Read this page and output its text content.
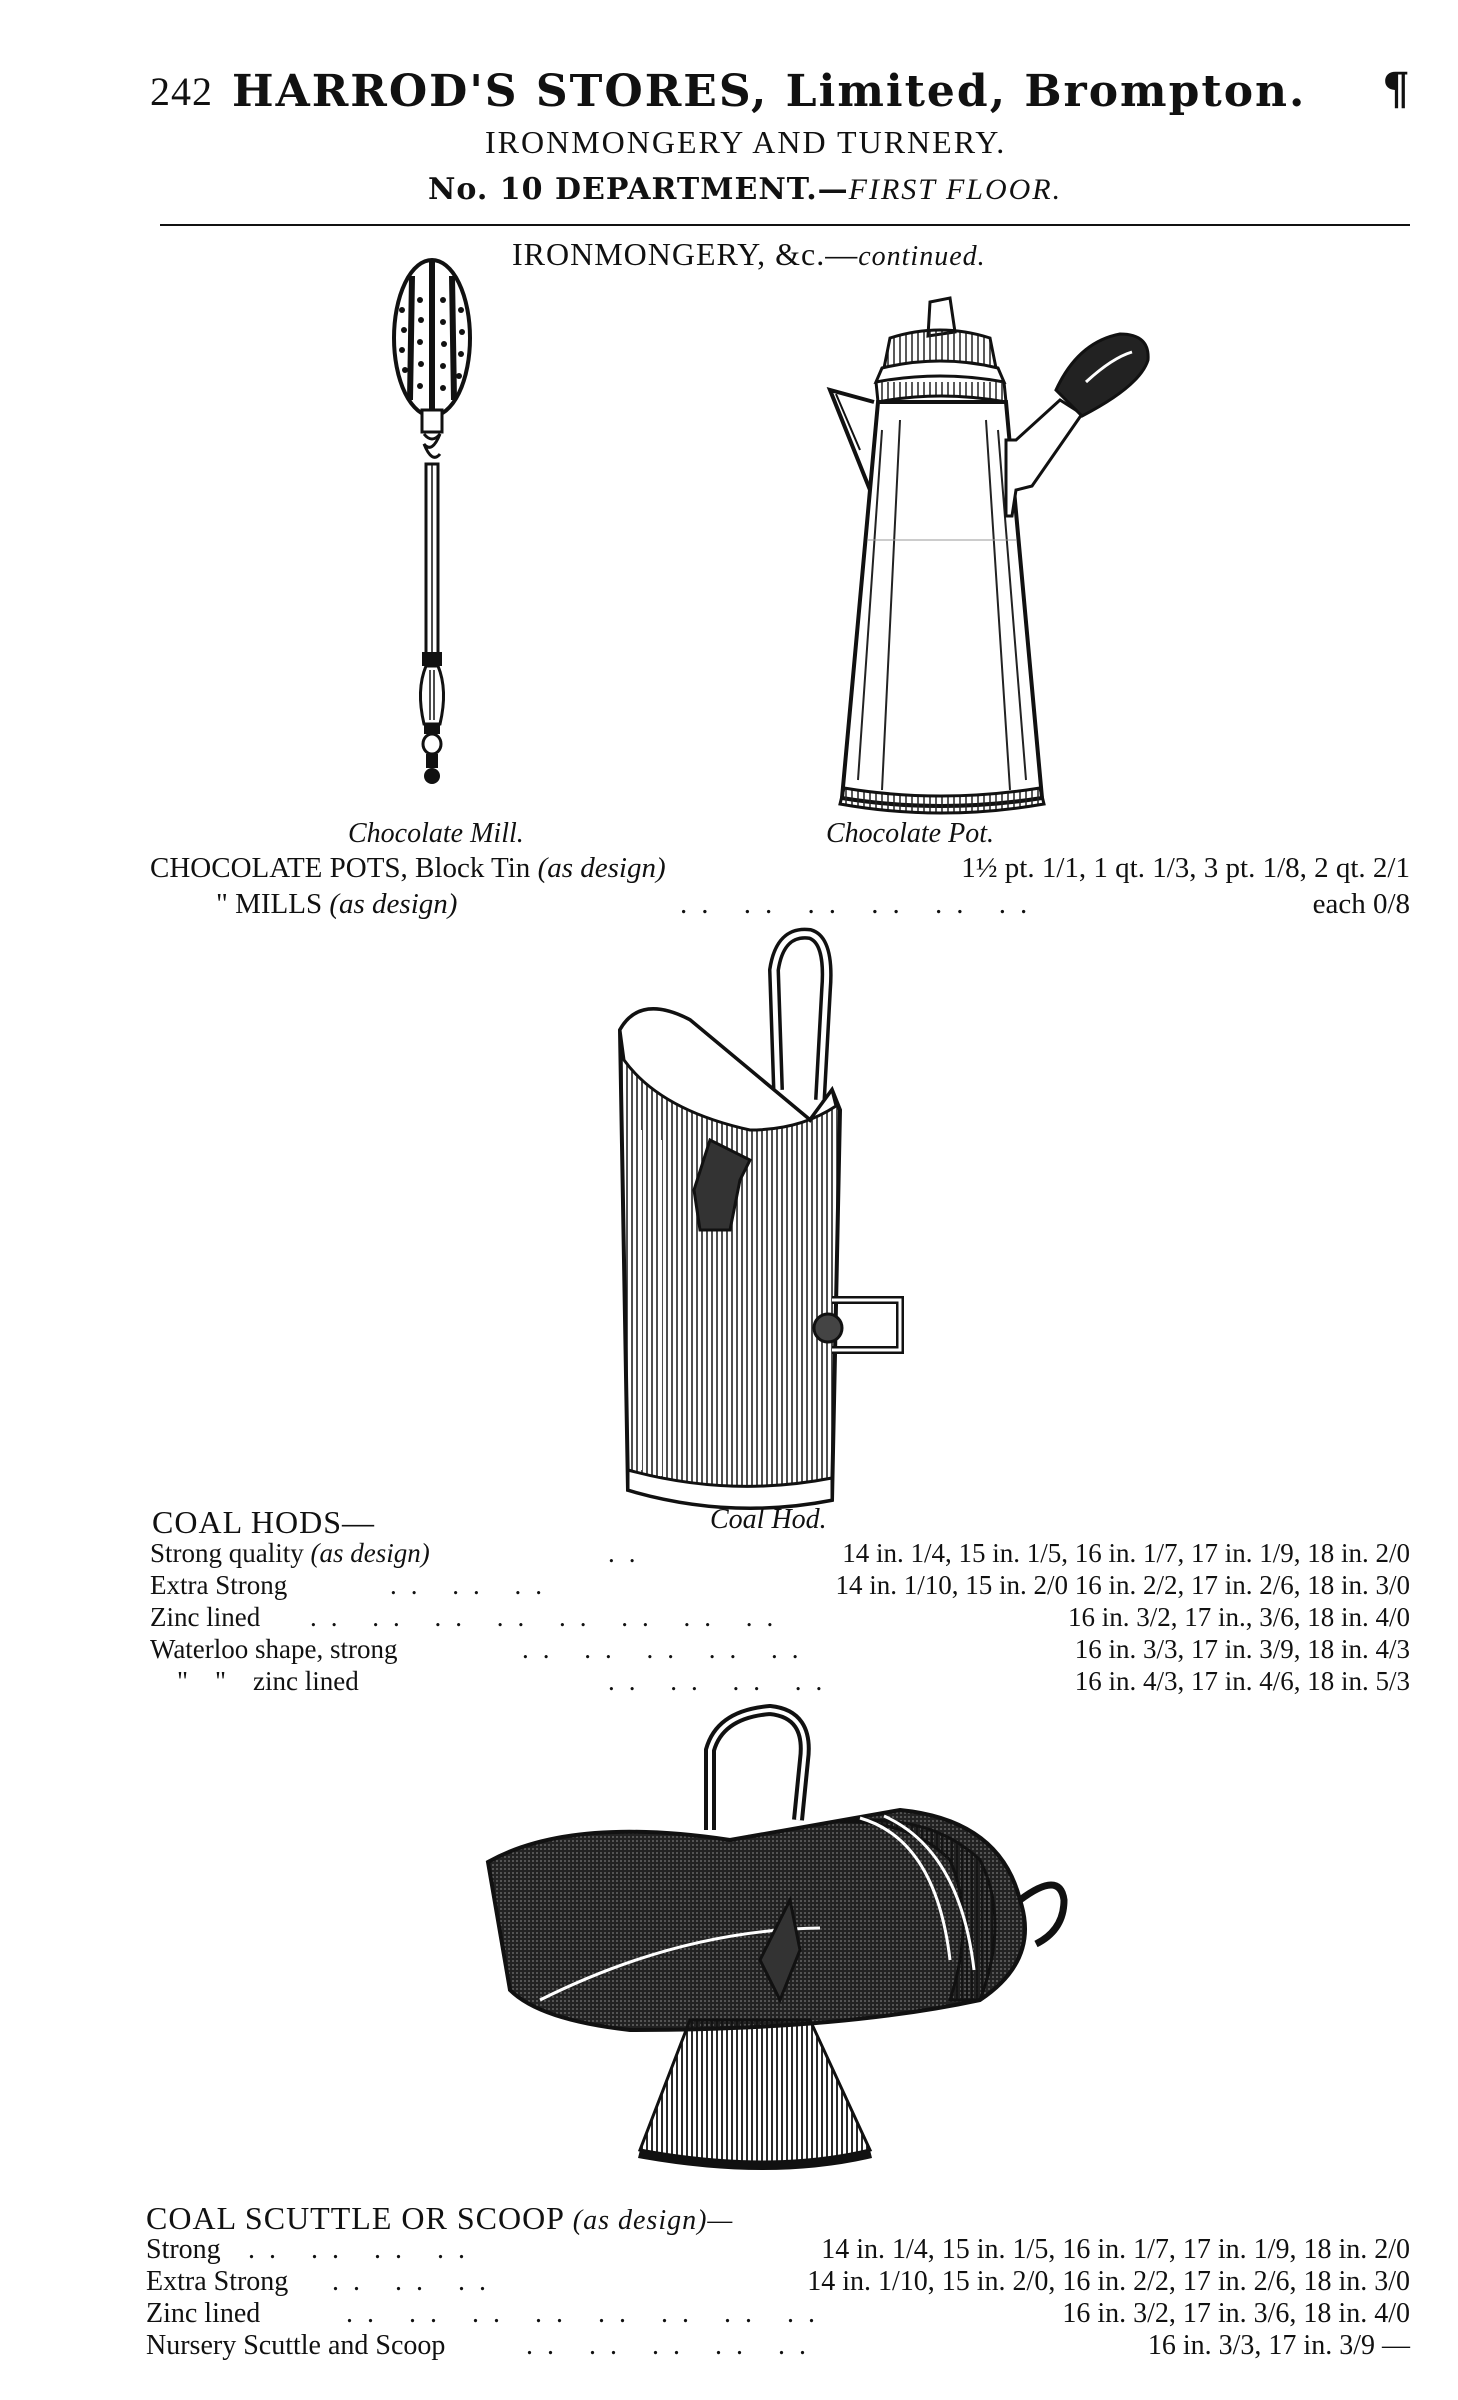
242 HARROD'S STORES, Limited, Brompton. ¶
IRONMONGERY AND TURNERY.
No. 10 DEPARTMENT.—FIRST FLOOR.
IRONMONGERY, &c.—continued.
Chocolate Mill.	Chocolate Pot.
CHOCOLATE POTS, Block Tin (as design)	1½ pt. 1/1, 1 qt. 1/3, 3 pt. 1/8, 2 qt. 2/1
" MILLS (as design)	.. .. .. .. .. ..	each 0/8
COAL HODS—	Coal Hod.
Strong quality (as design)	..	14 in. 1/4, 15 in. 1/5, 16 in. 1/7, 17 in. 1/9, 18 in. 2/0
Extra Strong	.. .. ..	14 in. 1/10, 15 in. 2/0 16 in. 2/2, 17 in. 2/6, 18 in. 3/0
Zinc lined .. .. .. .. .. .. .. ..	16 in. 3/2, 17 in., 3/6, 18 in. 4/0
Waterloo shape, strong	.. .. .. .. ..	16 in. 3/3, 17 in. 3/9, 18 in. 4/3
"    "    zinc lined	.. .. .. ..	16 in. 4/3, 17 in. 4/6, 18 in. 5/3
COAL SCUTTLE OR SCOOP (as design)—
Strong .. .. .. ..	14 in. 1/4, 15 in. 1/5, 16 in. 1/7, 17 in. 1/9, 18 in. 2/0
Extra Strong .. .. ..	14 in. 1/10, 15 in. 2/0, 16 in. 2/2, 17 in. 2/6, 18 in. 3/0
Zinc lined	.. .. .. .. .. .. .. ..	16 in. 3/2, 17 in. 3/6, 18 in. 4/0
Nursery Scuttle and Scoop	.. .. .. .. ..	16 in. 3/3, 17 in. 3/9 —
